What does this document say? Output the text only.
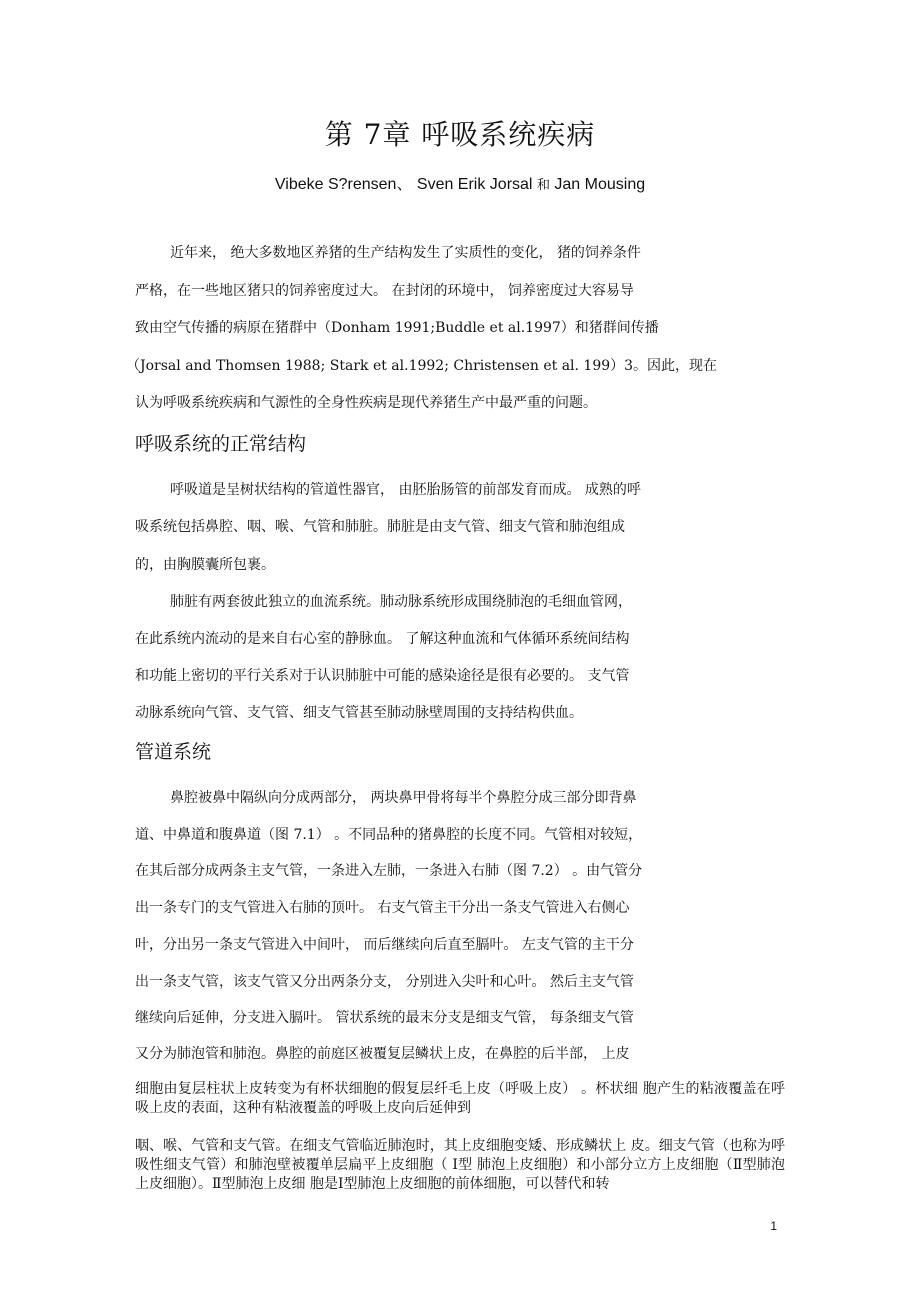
第 7章 呼吸系统疾病
Vibeke S?rensen、 Sven Erik Jorsal 和 Jan Mousing
近年来， 绝大多数地区养猪的生产结构发生了实质性的变化， 猪的饲养条件
严格，在一些地区猪只的饲养密度过大。 在封闭的环境中， 饲养密度过大容易导
致由空气传播的病原在猪群中（Donham 1991;Buddle et al.1997）和猪群间传播
（Jorsal and Thomsen 1988; Stark et al.1992; Christensen et al. 199）3。因此，现在
认为呼吸系统疾病和气源性的全身性疾病是现代养猪生产中最严重的问题。
呼吸系统的正常结构
呼吸道是呈树状结构的管道性器官， 由胚胎肠管的前部发育而成。 成熟的呼
吸系统包括鼻腔、咽、喉、气管和肺脏。肺脏是由支气管、细支气管和肺泡组成
的，由胸膜囊所包裹。
肺脏有两套彼此独立的血流系统。肺动脉系统形成围绕肺泡的毛细血管网，
在此系统内流动的是来自右心室的静脉血。 了解这种血流和气体循环系统间结构
和功能上密切的平行关系对于认识肺脏中可能的感染途径是很有必要的。 支气管
动脉系统向气管、支气管、细支气管甚至肺动脉壁周围的支持结构供血。
管道系统
鼻腔被鼻中隔纵向分成两部分， 两块鼻甲骨将每半个鼻腔分成三部分即背鼻
道、中鼻道和腹鼻道（图 7.1） 。不同品种的猪鼻腔的长度不同。气管相对较短，
在其后部分成两条主支气管，一条进入左肺，一条进入右肺（图 7.2） 。由气管分
出一条专门的支气管进入右肺的顶叶。 右支气管主干分出一条支气管进入右侧心
叶，分出另一条支气管进入中间叶， 而后继续向后直至膈叶。 左支气管的主干分
出一条支气管，该支气管又分出两条分支， 分别进入尖叶和心叶。 然后主支气管
继续向后延伸，分支进入膈叶。 管状系统的最末分支是细支气管， 每条细支气管
又分为肺泡管和肺泡。鼻腔的前庭区被覆复层鳞状上皮，在鼻腔的后半部， 上皮
细胞由复层柱状上皮转变为有杯状细胞的假复层纤毛上皮（呼吸上皮） 。杯状细 胞产生的粘液覆盖在呼吸上皮的表面，这种有粘液覆盖的呼吸上皮向后延伸到
咽、喉、气管和支气管。在细支气管临近肺泡时，其上皮细胞变矮、形成鳞状上 皮。细支气管（也称为呼吸性细支气管）和肺泡壁被覆单层扁平上皮细胞（ Ⅰ型 肺泡上皮细胞）和小部分立方上皮细胞（Ⅱ型肺泡上皮细胞）。Ⅱ型肺泡上皮细 胞是Ⅰ型肺泡上皮细胞的前体细胞，可以替代和转
1
